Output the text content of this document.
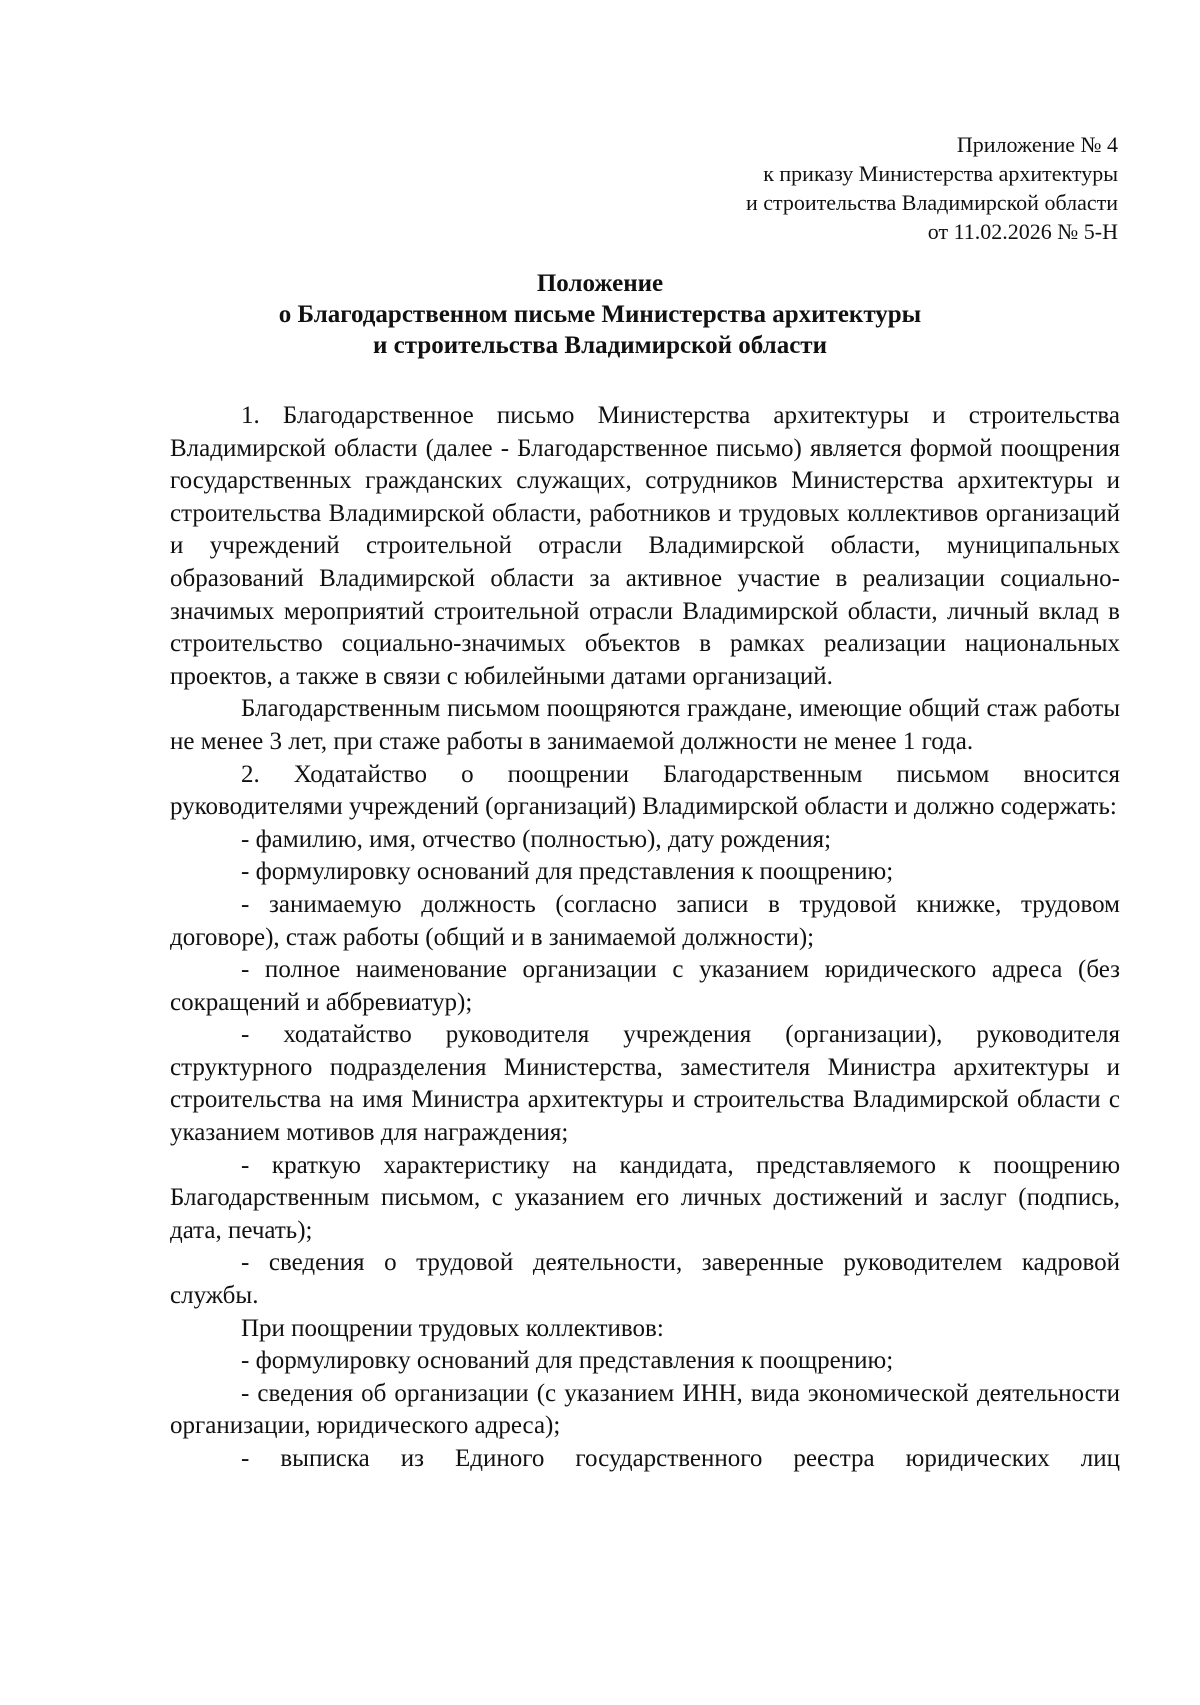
Приложение № 4
к приказу Министерства архитектуры
и строительства Владимирской области
от 11.02.2026 № 5-Н
Положение
о Благодарственном письме Министерства архитектуры
и строительства Владимирской области

1. Благодарственное письмо Министерства архитектуры и строительства Владимирской области (далее - Благодарственное письмо) является формой поощрения государственных гражданских служащих, сотрудников Министерства архитектуры и строительства Владимирской области, работников и трудовых коллективов организаций и учреждений строительной отрасли Владимирской области, муниципальных образований Владимирской области за активное участие в реализации социально-значимых мероприятий строительной отрасли Владимирской области, личный вклад в строительство социально-значимых объектов в рамках реализации национальных проектов, а также в связи с юбилейными датами организаций.

Благодарственным письмом поощряются граждане, имеющие общий стаж работы не менее 3 лет, при стаже работы в занимаемой должности не менее 1 года.

2. Ходатайство о поощрении Благодарственным письмом вносится руководителями учреждений (организаций) Владимирской области и должно содержать:

- фамилию, имя, отчество (полностью), дату рождения;

- формулировку оснований для представления к поощрению;

- занимаемую должность (согласно записи в трудовой книжке, трудовом договоре), стаж работы (общий и в занимаемой должности);

- полное наименование организации с указанием юридического адреса (без сокращений и аббревиатур);

- ходатайство руководителя учреждения (организации), руководителя структурного подразделения Министерства, заместителя Министра архитектуры и строительства на имя Министра архитектуры и строительства Владимирской области с указанием мотивов для награждения;

- краткую характеристику на кандидата, представляемого к поощрению Благодарственным письмом, с указанием его личных достижений и заслуг (подпись, дата, печать);

- сведения о трудовой деятельности, заверенные руководителем кадровой службы.

При поощрении трудовых коллективов:

- формулировку оснований для представления к поощрению;

- сведения об организации (с указанием ИНН, вида экономической деятельности организации, юридического адреса);

- выписка из Единого государственного реестра юридических лиц
